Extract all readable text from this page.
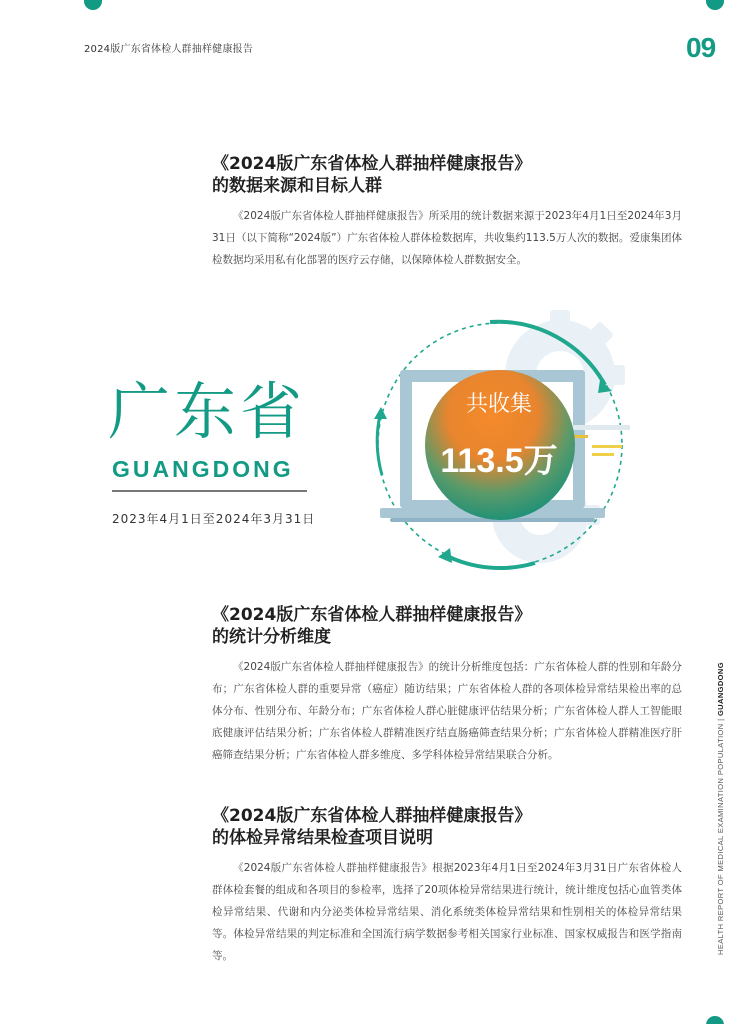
2024版广东省体检人群抽样健康报告	09
《2024版广东省体检人群抽样健康报告》
的数据来源和目标人群

《2024版广东省体检人群抽样健康报告》所采用的统计数据来源于2023年4月1日至2024年3月31日（以下简称“2024版”）广东省体检人群体检数据库，共收集约113.5万人次的数据。爱康集团体检数据均采用私有化部署的医疗云存储，以保障体检人群数据安全。

广东省
GUANGDONG
2023年4月1日至2024年3月31日
共收集
113.5万
《2024版广东省体检人群抽样健康报告》
的统计分析维度

《2024版广东省体检人群抽样健康报告》的统计分析维度包括：广东省体检人群的性别和年龄分布；广东省体检人群的重要异常（癌症）随访结果；广东省体检人群的各项体检异常结果检出率的总体分布、性别分布、年龄分布；广东省体检人群心脏健康评估结果分析；广东省体检人群人工智能眼底健康评估结果分析；广东省体检人群精准医疗结直肠癌筛查结果分析；广东省体检人群精准医疗肝癌筛查结果分析；广东省体检人群多维度、多学科体检异常结果联合分析。

《2024版广东省体检人群抽样健康报告》
的体检异常结果检查项目说明

《2024版广东省体检人群抽样健康报告》根据2023年4月1日至2024年3月31日广东省体检人群体检套餐的组成和各项目的参检率，选择了20项体检异常结果进行统计，统计维度包括心血管类体检异常结果、代谢和内分泌类体检异常结果、消化系统类体检异常结果和性别相关的体检异常结果等。体检异常结果的判定标准和全国流行病学数据参考相关国家行业标准、国家权威报告和医学指南等。

HEALTH REPORT OF MEDICAL EXAMINATION POPULATION | GUANGDONG
